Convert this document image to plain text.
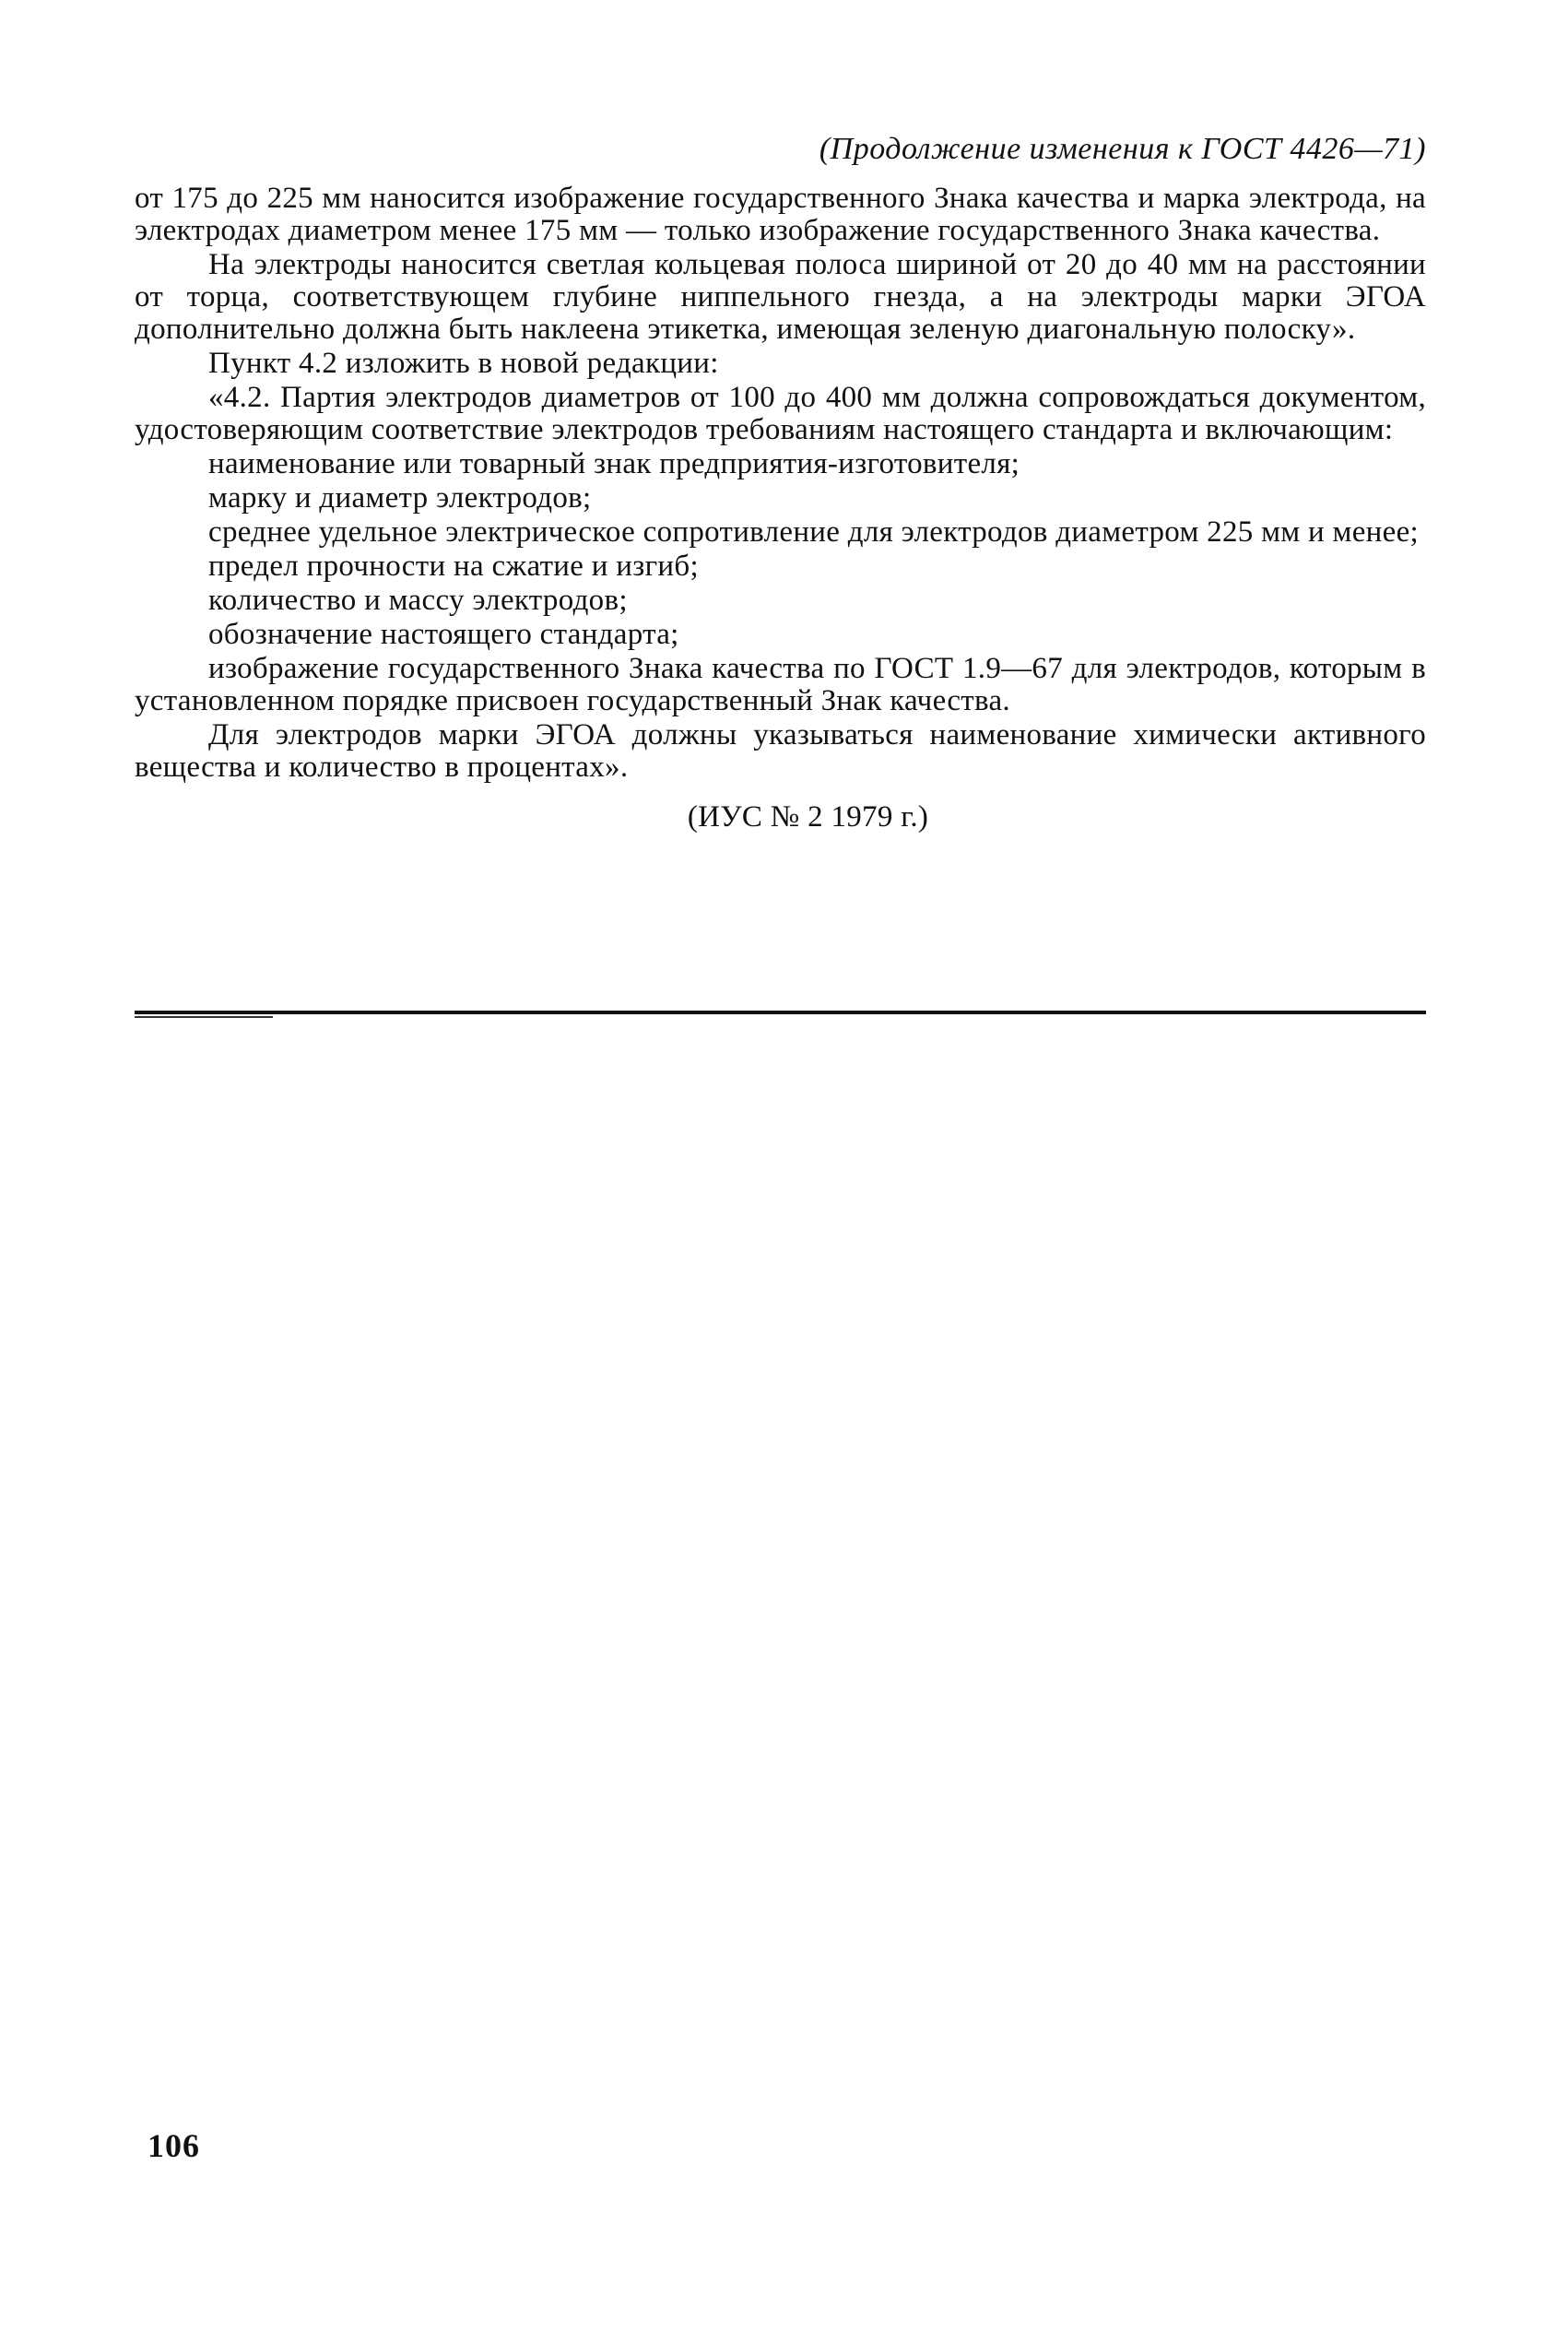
(Продолжение изменения к ГОСТ 4426—71)

от 175 до 225 мм наносится изображение государственного Знака качества и марка электрода, на электродах диаметром менее 175 мм — только изображение государственного Знака качества.

На электроды наносится светлая кольцевая полоса шириной от 20 до 40 мм на расстоянии от торца, соответствующем глубине ниппельного гнезда, а на электроды марки ЭГОА дополнительно должна быть наклеена этикетка, имеющая зеленую диагональную полоску».

Пункт 4.2 изложить в новой редакции:

«4.2. Партия электродов диаметров от 100 до 400 мм должна сопровождаться документом, удостоверяющим соответствие электродов требованиям настоящего стандарта и включающим:

наименование или товарный знак предприятия-изготовителя;

марку и диаметр электродов;

среднее удельное электрическое сопротивление для электродов диаметром 225 мм и менее;

предел прочности на сжатие и изгиб;

количество и массу электродов;

обозначение настоящего стандарта;

изображение государственного Знака качества по ГОСТ 1.9—67 для электродов, которым в установленном порядке присвоен государственный Знак качества.

Для электродов марки ЭГОА должны указываться наименование химически активного вещества и количество в процентах».

(ИУС № 2 1979 г.)

106
